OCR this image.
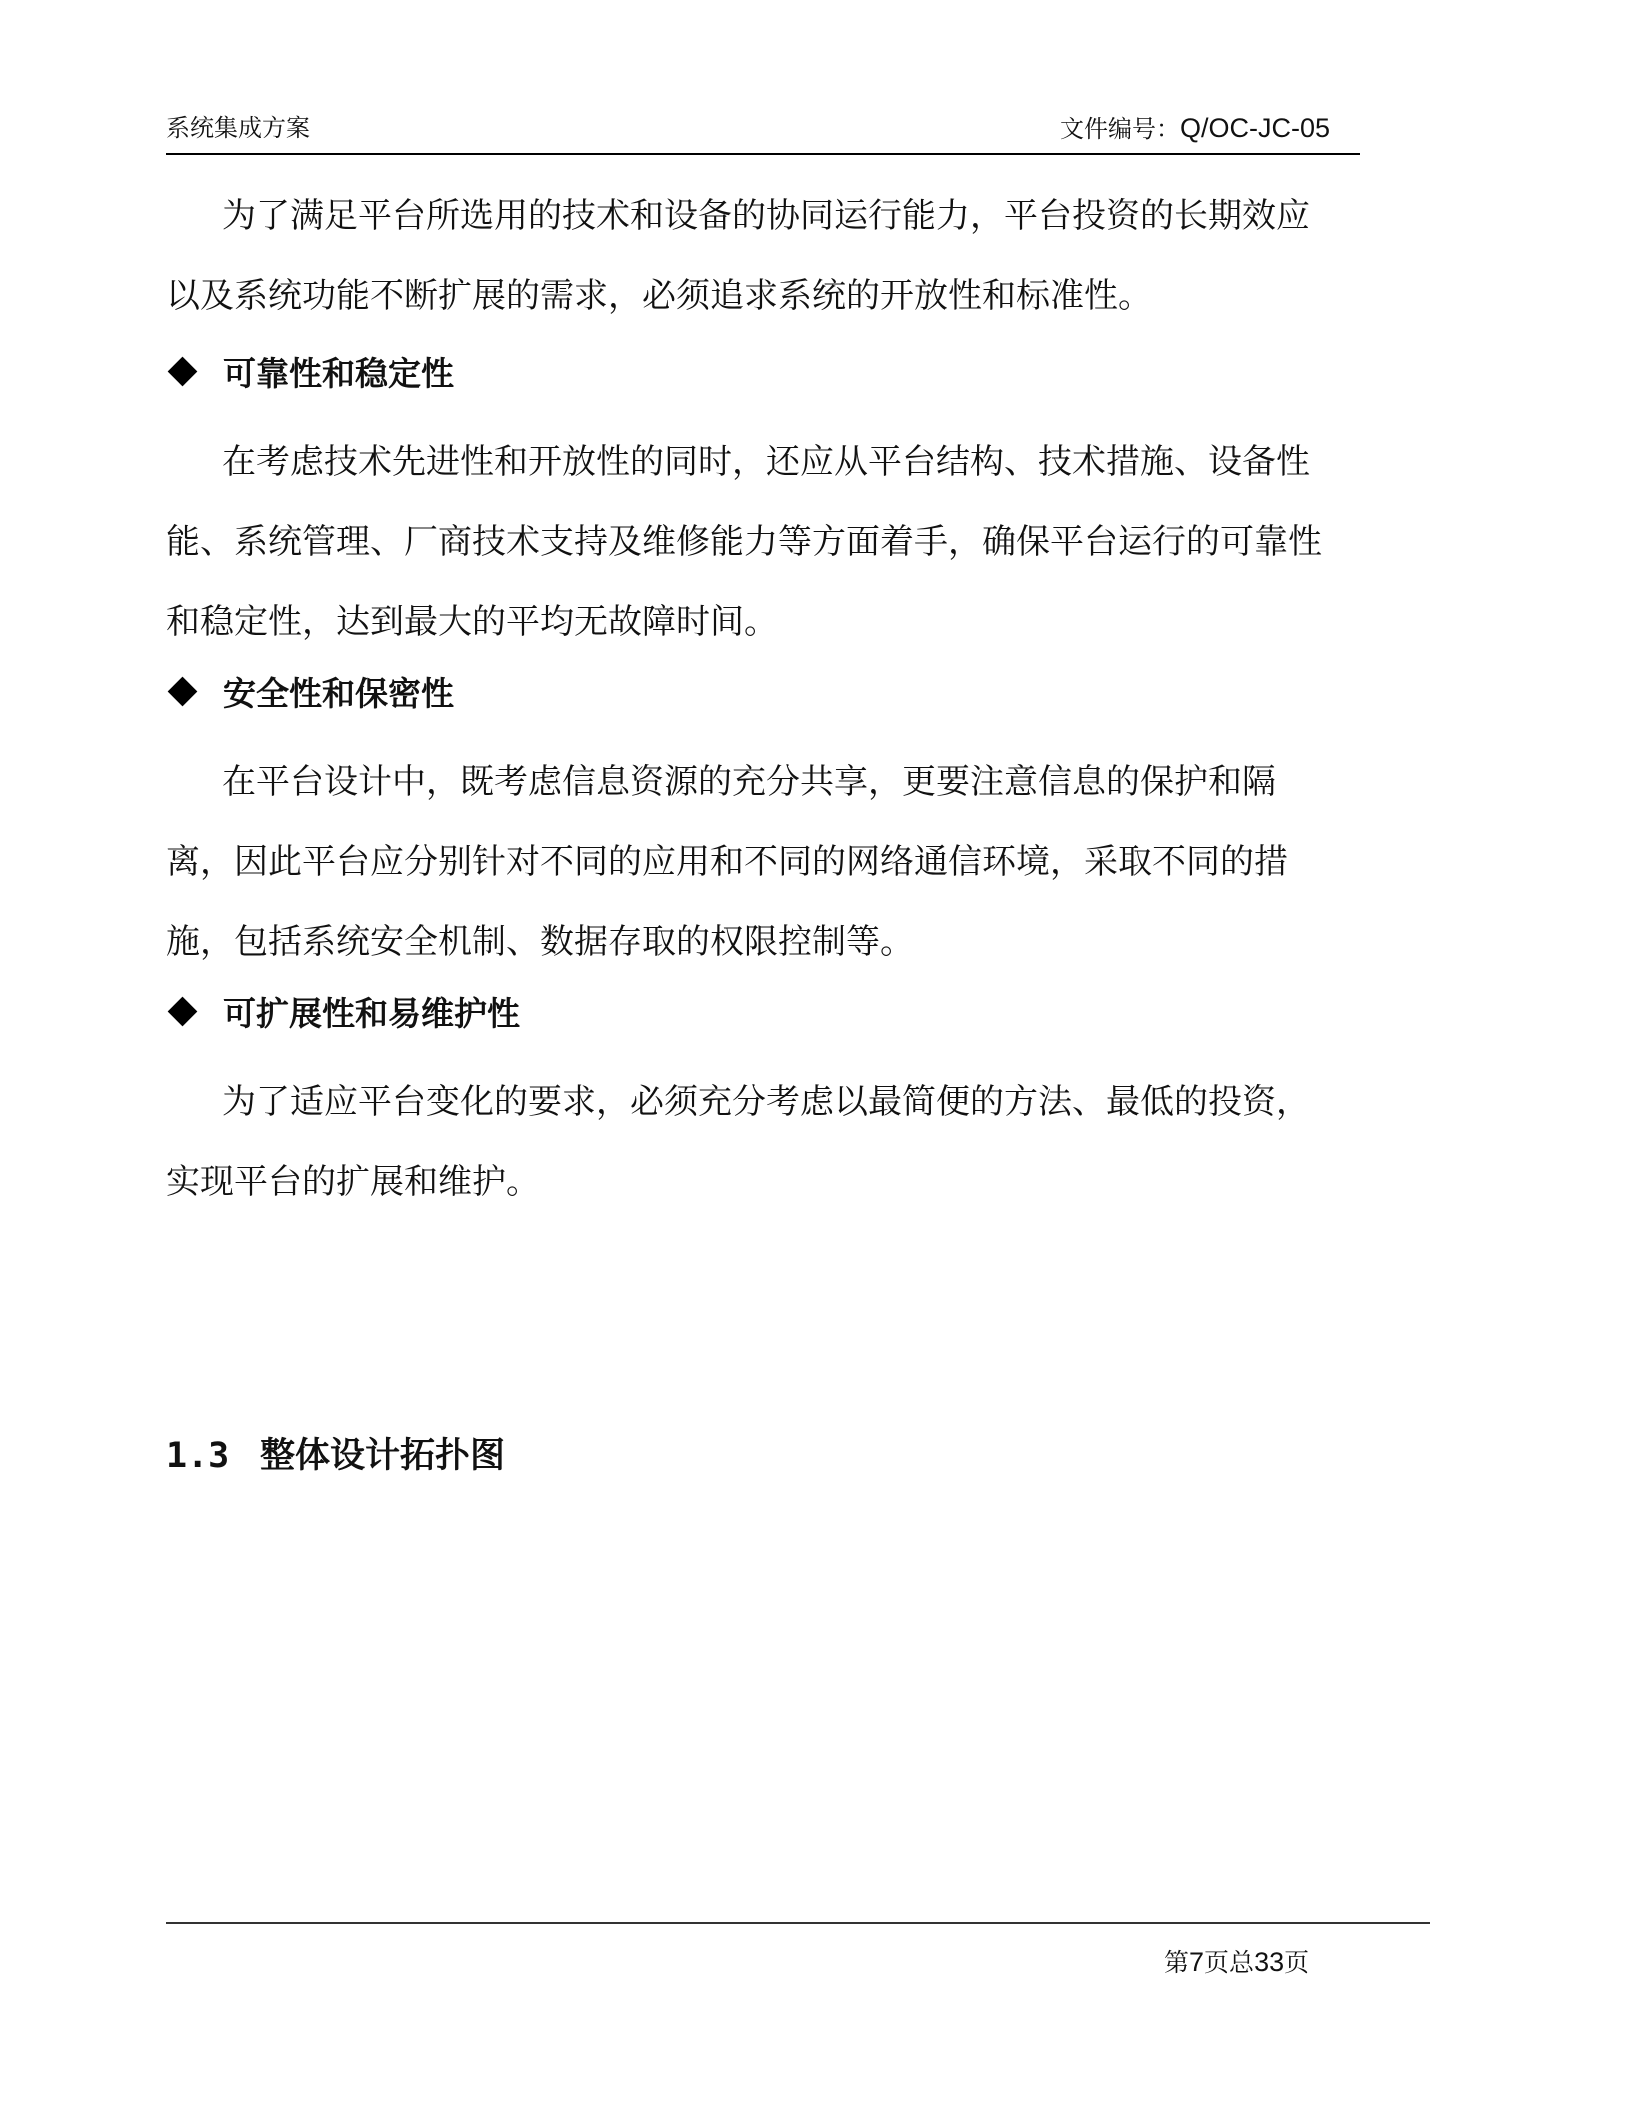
系统集成方案	文件编号：Q/OC-JC-05

为了满足平台所选用的技术和设备的协同运行能力，平台投资的长期效应
以及系统功能不断扩展的需求，必须追求系统的开放性和标准性。

可靠性和稳定性

在考虑技术先进性和开放性的同时，还应从平台结构、技术措施、设备性
能、系统管理、厂商技术支持及维修能力等方面着手，确保平台运行的可靠性
和稳定性，达到最大的平均无故障时间。

安全性和保密性

在平台设计中，既考虑信息资源的充分共享，更要注意信息的保护和隔
离，因此平台应分别针对不同的应用和不同的网络通信环境，采取不同的措
施，包括系统安全机制、数据存取的权限控制等。

可扩展性和易维护性

为了适应平台变化的要求，必须充分考虑以最简便的方法、最低的投资，
实现平台的扩展和维护。

1.3 整体设计拓扑图
第7页总33页
